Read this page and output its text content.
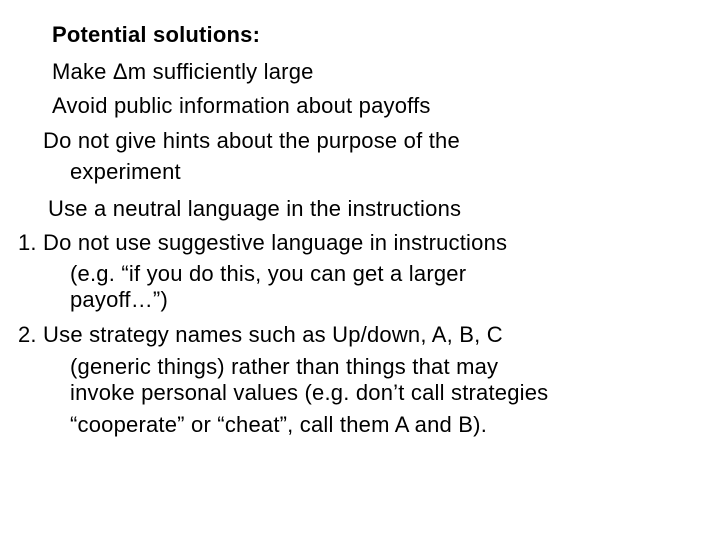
Potential solutions:
Make Δm sufficiently large
Avoid public information about payoffs
Do not give hints about the purpose of the
experiment
Use a neutral language in the instructions
1. Do not use suggestive language in instructions
(e.g. “if you do this, you can get a larger
payoff…”)
2. Use strategy names such as Up/down, A, B, C
(generic things) rather than things that may
invoke personal values (e.g. don’t call strategies
“cooperate” or “cheat”, call them A and B).
